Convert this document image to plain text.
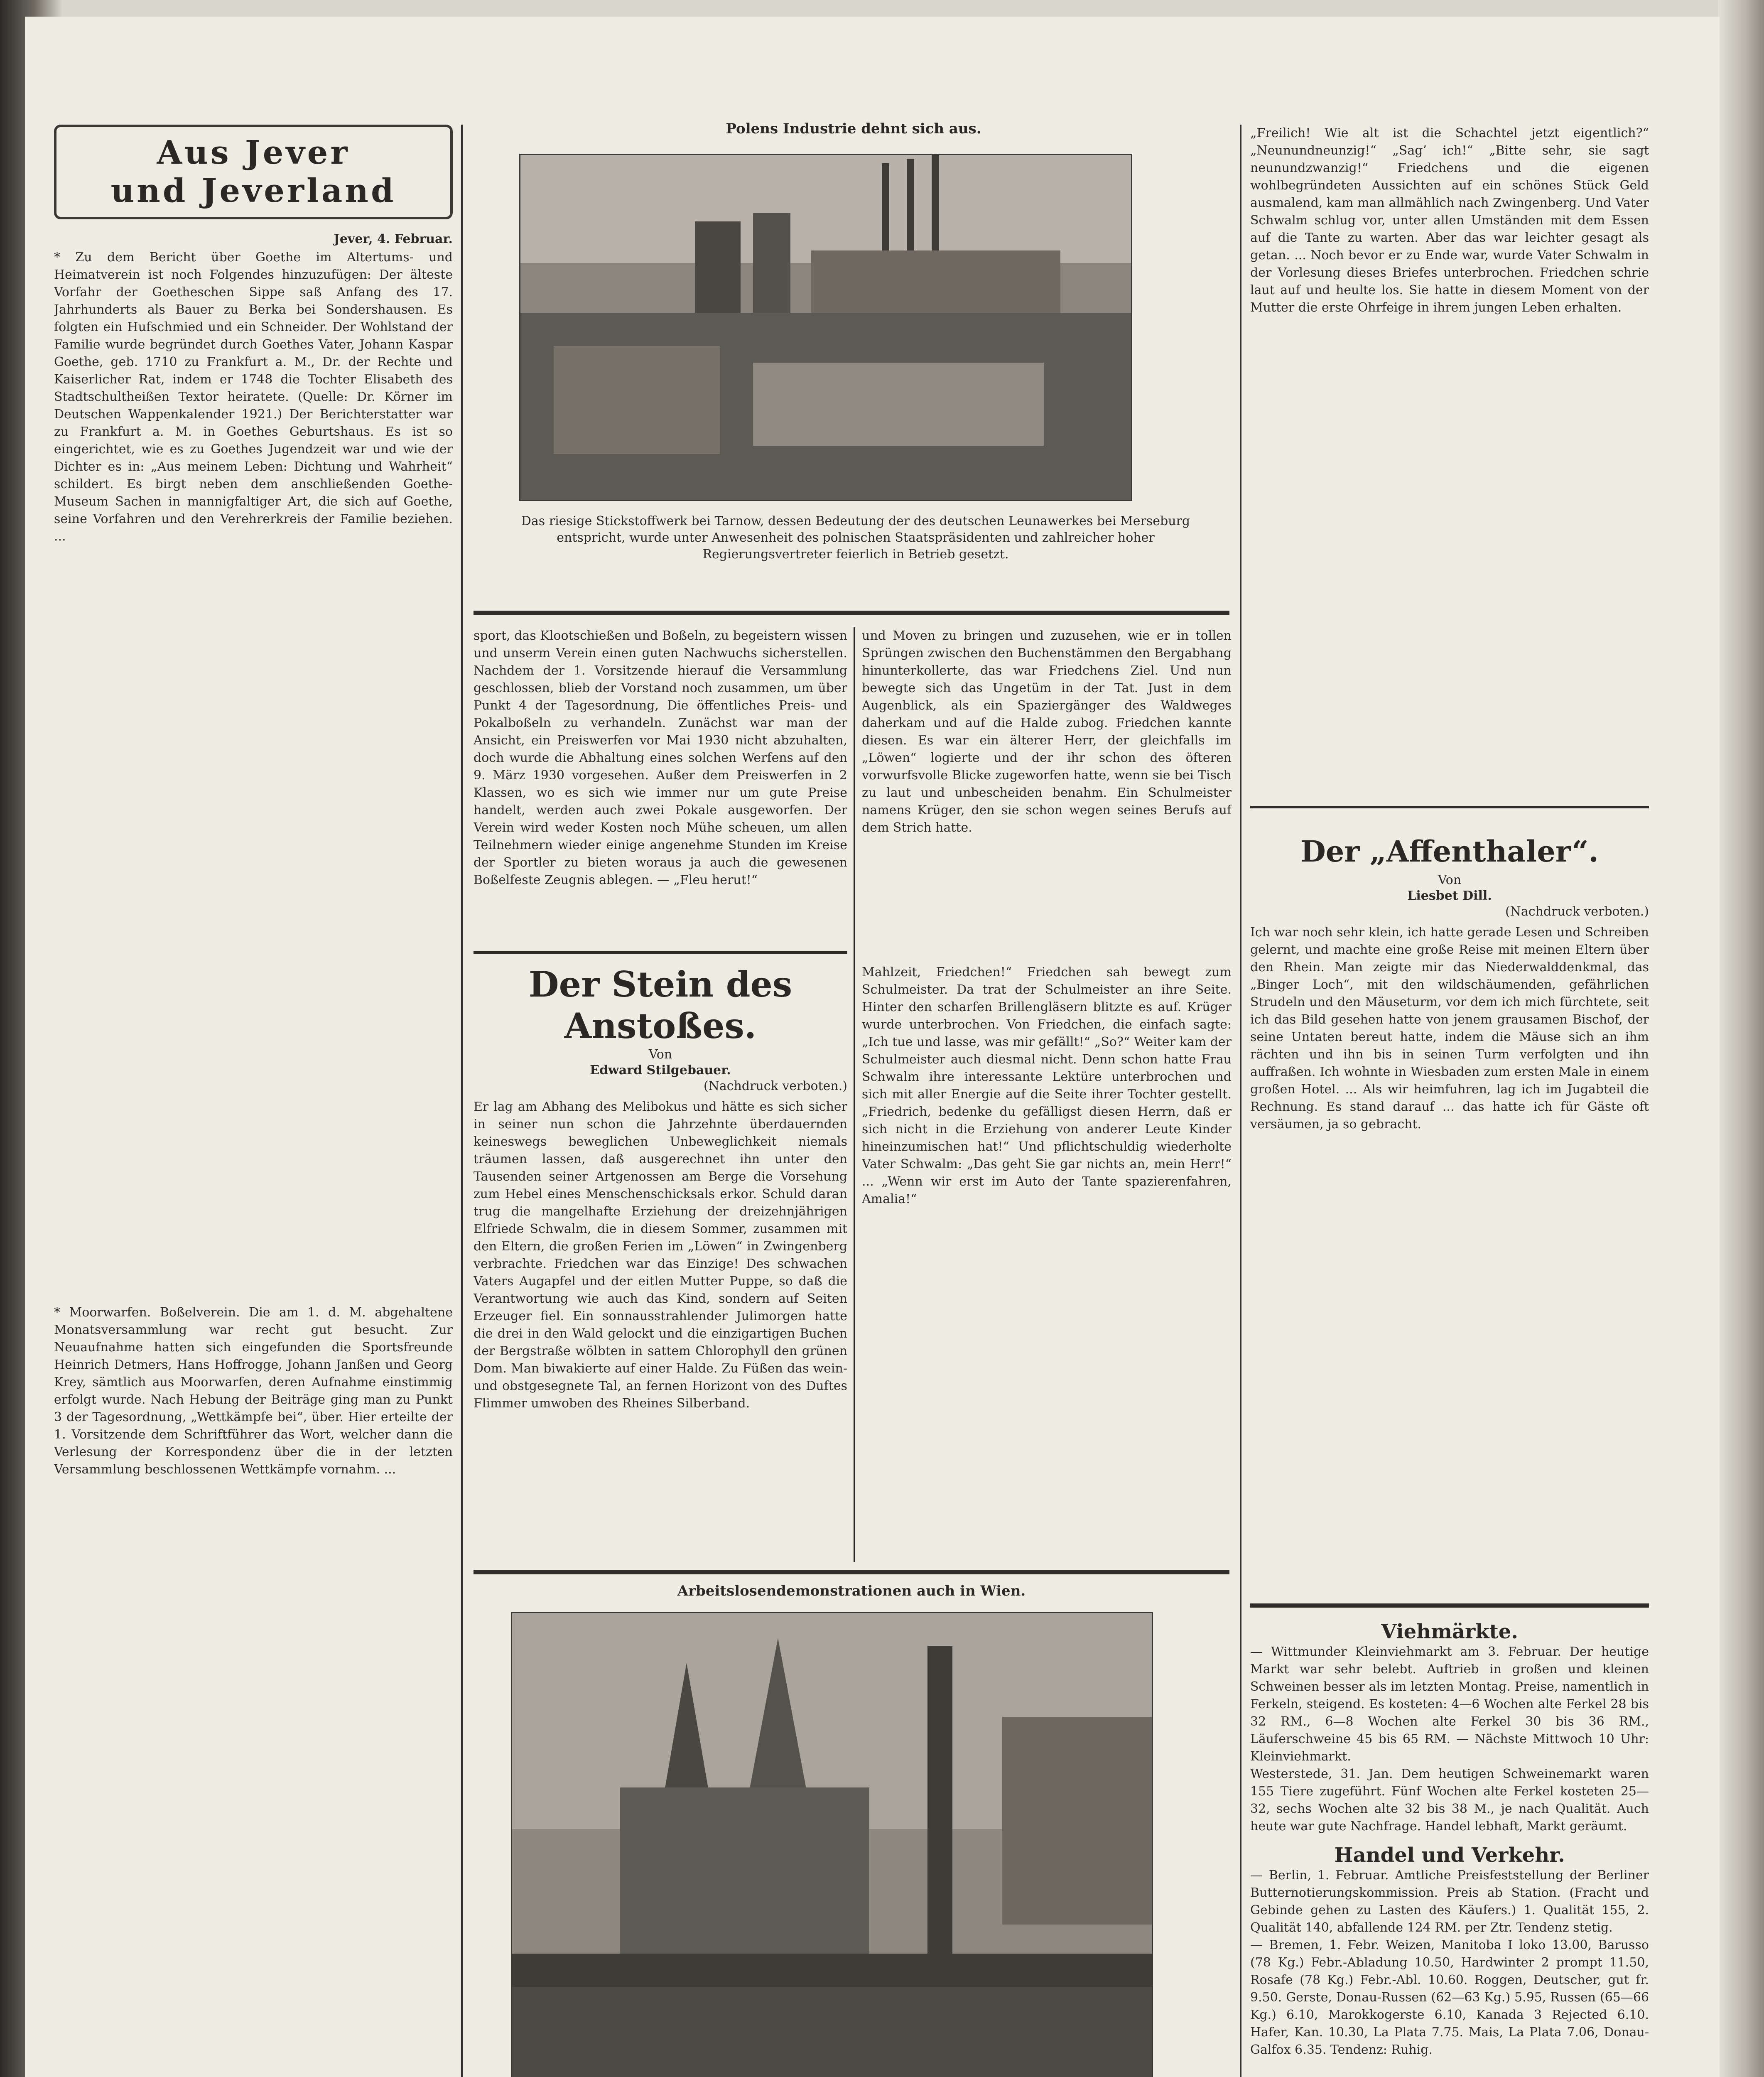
Aus Jever
und Jeverland

Jever, 4. Februar.

* Zu dem Bericht über Goethe im Altertums- und Heimatverein ist noch Folgendes hinzuzufügen: Der älteste Vorfahr der Goetheschen Sippe saß Anfang des 17. Jahrhunderts als Bauer zu Berka bei Sondershausen. Es folgten ein Hufschmied und ein Schneider. Der Wohlstand der Familie wurde begründet durch Goethes Vater, Johann Kaspar Goethe, geb. 1710 zu Frankfurt a. M., Dr. der Rechte und Kaiserlicher Rat, indem er 1748 die Tochter Elisabeth des Stadtschultheißen Textor heiratete. (Quelle: Dr. Körner im Deutschen Wappenkalender 1921.) Der Berichterstatter war zu Frankfurt a. M. in Goethes Geburtshaus. Es ist so eingerichtet, wie es zu Goethes Jugendzeit war und wie der Dichter es in: „Aus meinem Leben: Dichtung und Wahrheit“ schildert. Es birgt neben dem anschließenden Goethe-Museum Sachen in mannigfaltiger Art, die sich auf Goethe, seine Vorfahren und den Verehrerkreis der Familie beziehen. ...

* Moorwarfen. Boßelverein. Die am 1. d. M. abgehaltene Monatsversammlung war recht gut besucht. Zur Neuaufnahme hatten sich eingefunden die Sportsfreunde Heinrich Detmers, Hans Hoffrogge, Johann Janßen und Georg Krey, sämtlich aus Moorwarfen, deren Aufnahme einstimmig erfolgt wurde. Nach Hebung der Beiträge ging man zu Punkt 3 der Tagesordnung, „Wettkämpfe bei“, über. Hier erteilte der 1. Vorsitzende dem Schriftführer das Wort, welcher dann die Verlesung der Korrespondenz über die in der letzten Versammlung beschlossenen Wettkämpfe vornahm. ...

Polens Industrie dehnt sich aus.
Das riesige Stickstoffwerk bei Tarnow, dessen Bedeutung der des deutschen Leunawerkes bei Merseburg entspricht, wurde unter Anwesenheit des polnischen Staatspräsidenten und zahlreicher hoher Regierungsvertreter feierlich in Betrieb gesetzt.

sport, das Klootschießen und Boßeln, zu begeistern wissen und unserm Verein einen guten Nachwuchs sicherstellen. Nachdem der 1. Vorsitzende hierauf die Versammlung geschlossen, blieb der Vorstand noch zusammen, um über Punkt 4 der Tagesordnung, Die öffentliches Preis- und Pokalboßeln zu verhandeln. Zunächst war man der Ansicht, ein Preiswerfen vor Mai 1930 nicht abzuhalten, doch wurde die Abhaltung eines solchen Werfens auf den 9. März 1930 vorgesehen. Außer dem Preiswerfen in 2 Klassen, wo es sich wie immer nur um gute Preise handelt, werden auch zwei Pokale ausgeworfen. Der Verein wird weder Kosten noch Mühe scheuen, um allen Teilnehmern wieder einige angenehme Stunden im Kreise der Sportler zu bieten woraus ja auch die gewesenen Boßelfeste Zeugnis ablegen. — „Fleu herut!“

und Moven zu bringen und zuzusehen, wie er in tollen Sprüngen zwischen den Buchenstämmen den Bergabhang hinunterkollerte, das war Friedchens Ziel. Und nun bewegte sich das Ungetüm in der Tat. Just in dem Augenblick, als ein Spaziergänger des Waldweges daherkam und auf die Halde zubog. Friedchen kannte diesen. Es war ein älterer Herr, der gleichfalls im „Löwen“ logierte und der ihr schon des öfteren vorwurfsvolle Blicke zugeworfen hatte, wenn sie bei Tisch zu laut und unbescheiden benahm. Ein Schulmeister namens Krüger, den sie schon wegen seines Berufs auf dem Strich hatte.

Der Stein des Anstoßes.
Von
Edward Stilgebauer.
(Nachdruck verboten.)

Er lag am Abhang des Melibokus und hätte es sich sicher in seiner nun schon die Jahrzehnte überdauernden keineswegs beweglichen Unbeweglichkeit niemals träumen lassen, daß ausgerechnet ihn unter den Tausenden seiner Artgenossen am Berge die Vorsehung zum Hebel eines Menschenschicksals erkor. Schuld daran trug die mangelhafte Erziehung der dreizehnjährigen Elfriede Schwalm, die in diesem Sommer, zusammen mit den Eltern, die großen Ferien im „Löwen“ in Zwingenberg verbrachte. Friedchen war das Einzige! Des schwachen Vaters Augapfel und der eitlen Mutter Puppe, so daß die Verantwortung wie auch das Kind, sondern auf Seiten Erzeuger fiel. Ein sonnausstrahlender Julimorgen hatte die drei in den Wald gelockt und die einzigartigen Buchen der Bergstraße wölbten in sattem Chlorophyll den grünen Dom. Man biwakierte auf einer Halde. Zu Füßen das wein- und obstgesegnete Tal, an fernen Horizont von des Duftes Flimmer umwoben des Rheines Silberband.

Mahlzeit, Friedchen!“ Friedchen sah bewegt zum Schulmeister. Da trat der Schulmeister an ihre Seite. Hinter den scharfen Brillengläsern blitzte es auf. Krüger wurde unterbrochen. Von Friedchen, die einfach sagte: „Ich tue und lasse, was mir gefällt!“ „So?“ Weiter kam der Schulmeister auch diesmal nicht. Denn schon hatte Frau Schwalm ihre interessante Lektüre unterbrochen und sich mit aller Energie auf die Seite ihrer Tochter gestellt. „Friedrich, bedenke du gefälligst diesen Herrn, daß er sich nicht in die Erziehung von anderer Leute Kinder hineinzumischen hat!“ Und pflichtschuldig wiederholte Vater Schwalm: „Das geht Sie gar nichts an, mein Herr!“ ... „Wenn wir erst im Auto der Tante spazierenfahren, Amalia!“

Arbeitslosendemonstrationen auch in Wien.

„Freilich! Wie alt ist die Schachtel jetzt eigentlich?“ „Neunundneunzig!“ „Sag’ ich!“ „Bitte sehr, sie sagt neunundzwanzig!“ Friedchens und die eigenen wohlbegründeten Aussichten auf ein schönes Stück Geld ausmalend, kam man allmählich nach Zwingenberg. Und Vater Schwalm schlug vor, unter allen Umständen mit dem Essen auf die Tante zu warten. Aber das war leichter gesagt als getan. ... Noch bevor er zu Ende war, wurde Vater Schwalm in der Vorlesung dieses Briefes unterbrochen. Friedchen schrie laut auf und heulte los. Sie hatte in diesem Moment von der Mutter die erste Ohrfeige in ihrem jungen Leben erhalten.

Der „Affenthaler“.
Von
Liesbet Dill.
(Nachdruck verboten.)

Ich war noch sehr klein, ich hatte gerade Lesen und Schreiben gelernt, und machte eine große Reise mit meinen Eltern über den Rhein. Man zeigte mir das Niederwalddenkmal, das „Binger Loch“, mit den wildschäumenden, gefährlichen Strudeln und den Mäuseturm, vor dem ich mich fürchtete, seit ich das Bild gesehen hatte von jenem grausamen Bischof, der seine Untaten bereut hatte, indem die Mäuse sich an ihm rächten und ihn bis in seinen Turm verfolgten und ihn auffraßen. Ich wohnte in Wiesbaden zum ersten Male in einem großen Hotel. ... Als wir heimfuhren, lag ich im Jugabteil die Rechnung. Es stand darauf ... das hatte ich für Gäste oft versäumen, ja so gebracht.

Viehmärkte.

— Wittmunder Kleinviehmarkt am 3. Februar. Der heutige Markt war sehr belebt. Auftrieb in großen und kleinen Schweinen besser als im letzten Montag. Preise, namentlich in Ferkeln, steigend. Es kosteten: 4—6 Wochen alte Ferkel 28 bis 32 RM., 6—8 Wochen alte Ferkel 30 bis 36 RM., Läuferschweine 45 bis 65 RM. — Nächste Mittwoch 10 Uhr: Kleinviehmarkt.
Westerstede, 31. Jan. Dem heutigen Schweinemarkt waren 155 Tiere zugeführt. Fünf Wochen alte Ferkel kosteten 25—32, sechs Wochen alte 32 bis 38 M., je nach Qualität. Auch heute war gute Nachfrage. Handel lebhaft, Markt geräumt.

Handel und Verkehr.

— Berlin, 1. Februar. Amtliche Preisfeststellung der Berliner Butternotierungskommission. Preis ab Station. (Fracht und Gebinde gehen zu Lasten des Käufers.) 1. Qualität 155, 2. Qualität 140, abfallende 124 RM. per Ztr. Tendenz stetig.
— Bremen, 1. Febr. Weizen, Manitoba I loko 13.00, Barusso (78 Kg.) Febr.-Abladung 10.50, Hardwinter 2 prompt 11.50, Rosafe (78 Kg.) Febr.-Abl. 10.60. Roggen, Deutscher, gut fr. 9.50. Gerste, Donau-Russen (62—63 Kg.) 5.95, Russen (65—66 Kg.) 6.10, Marokkogerste 6.10, Kanada 3 Rejected 6.10. Hafer, Kan. 10.30, La Plata 7.75. Mais, La Plata 7.06, Donau-Galfox 6.35. Tendenz: Ruhig.
